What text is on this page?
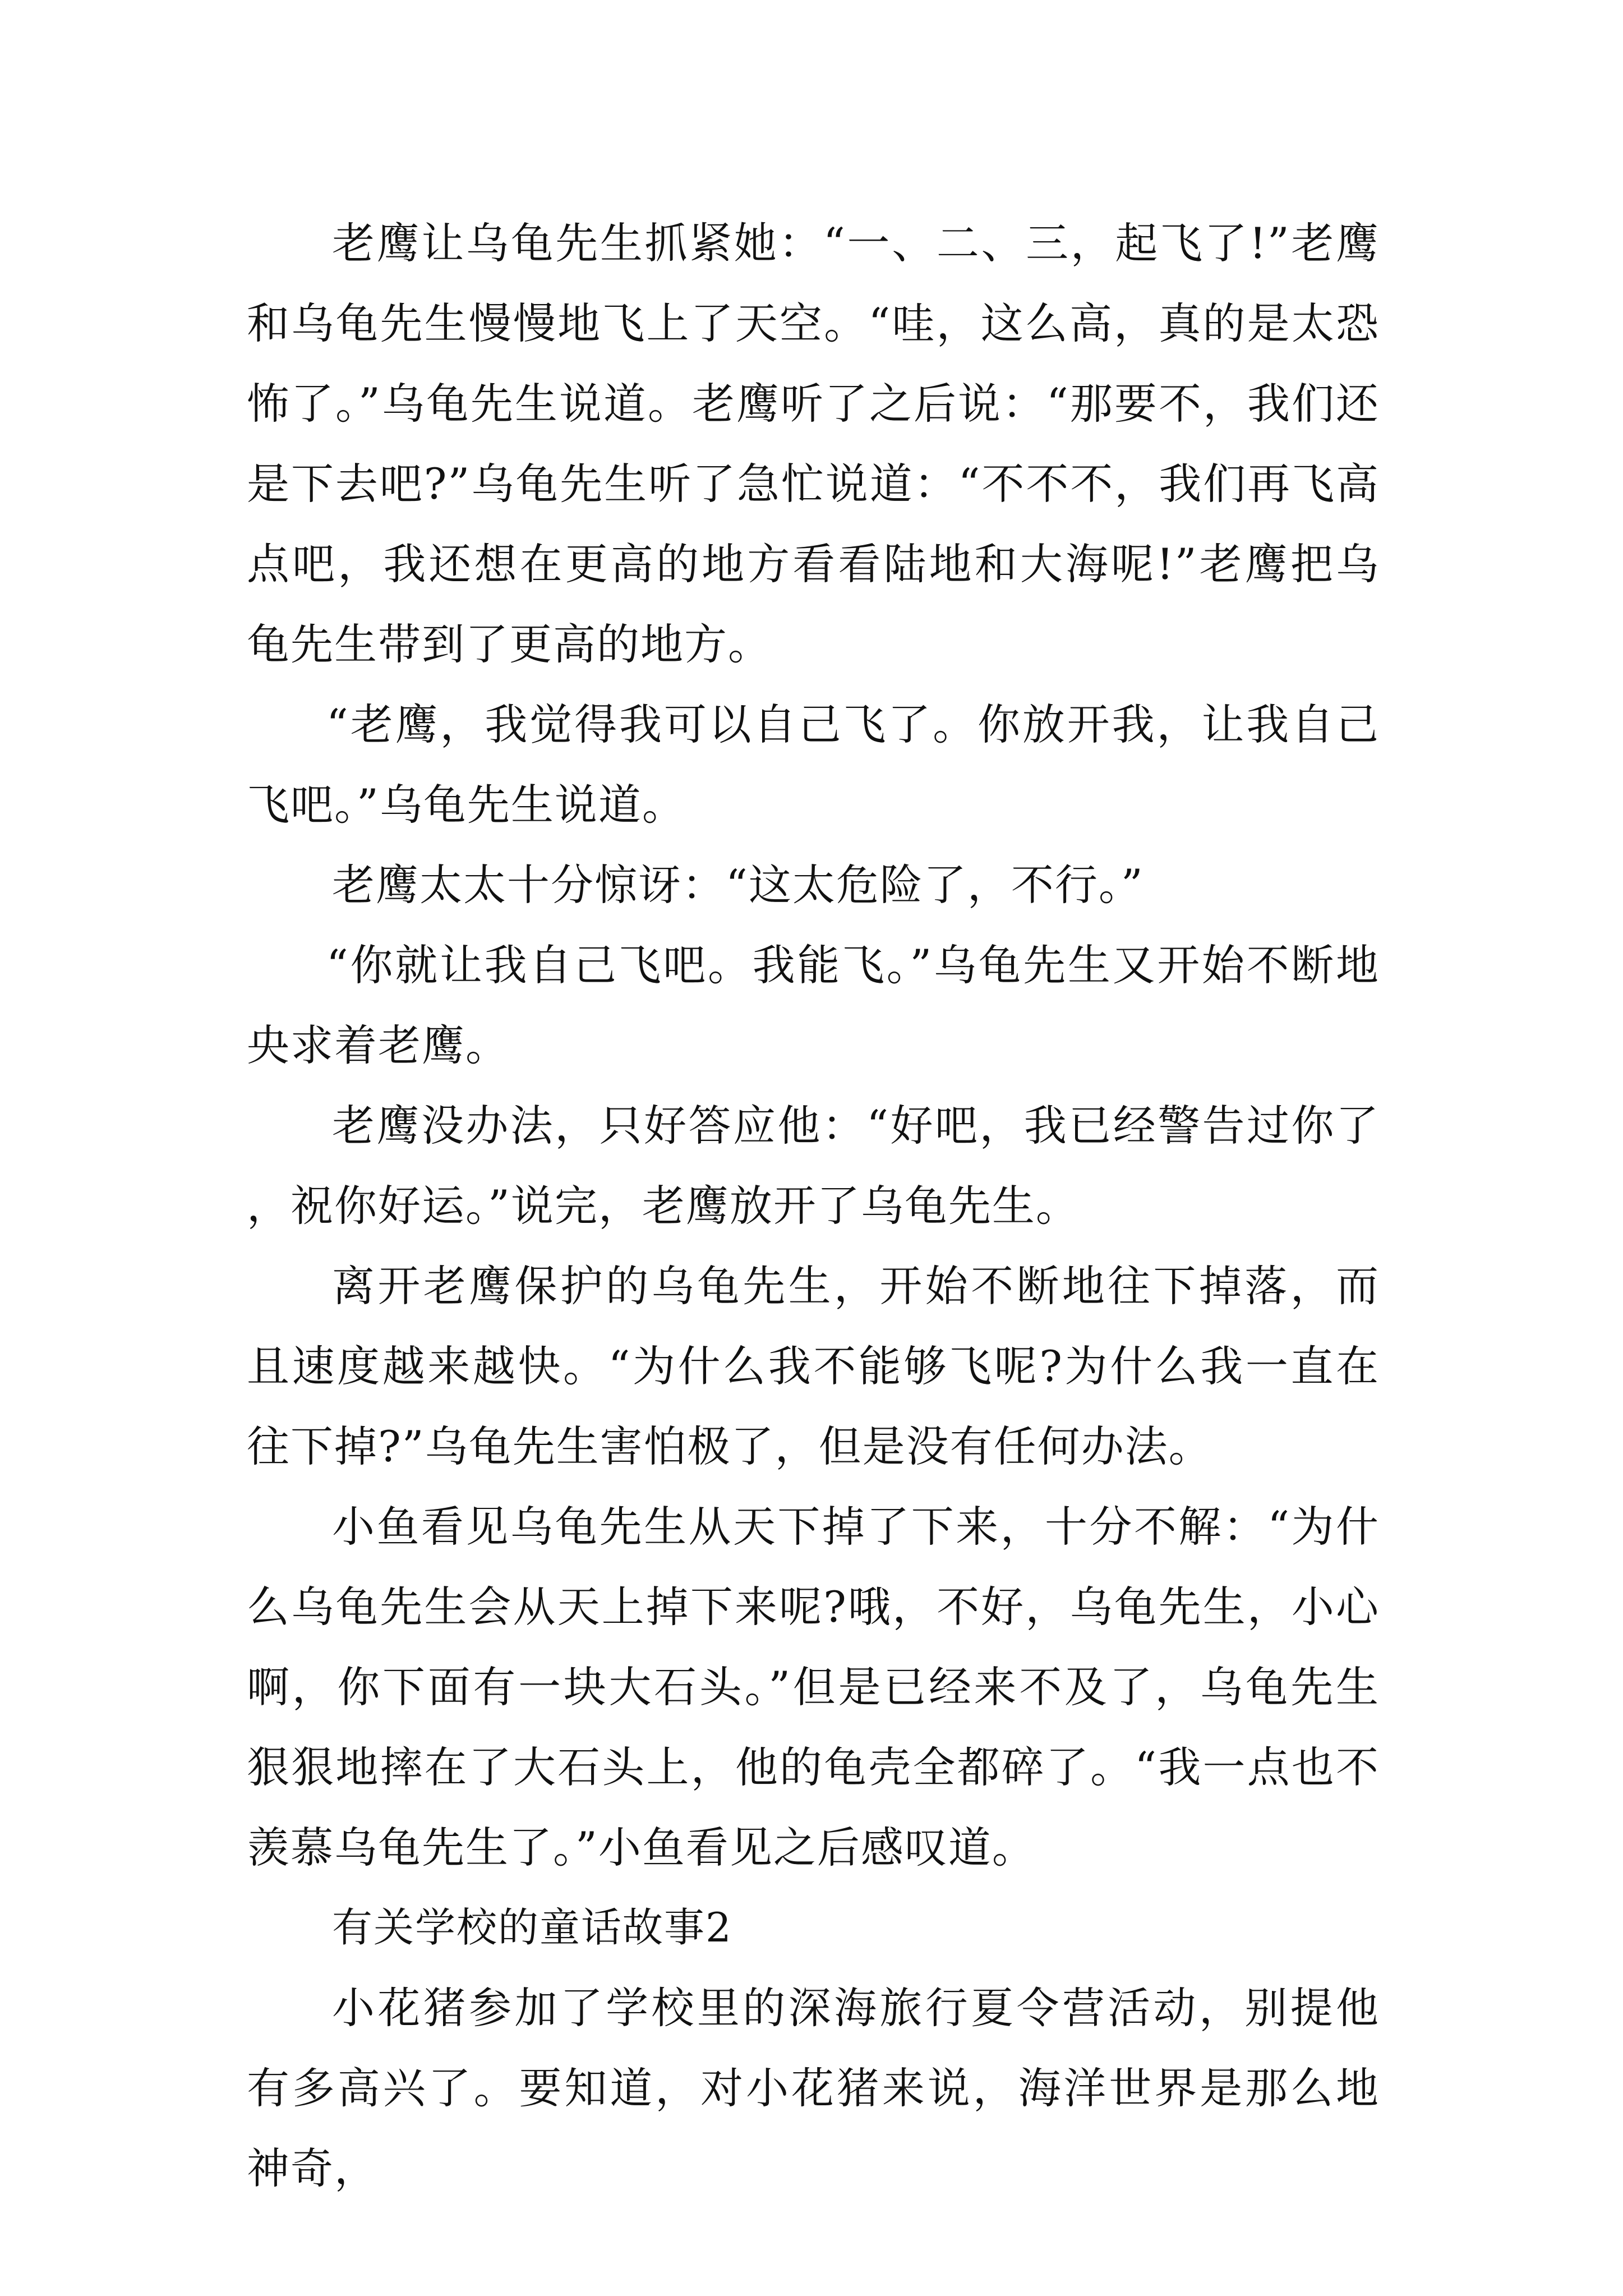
老鹰让乌龟先生抓紧她：“一、二、三，起飞了!”老鹰和乌龟先生慢慢地飞上了天空。“哇，这么高，真的是太恐怖了。”乌龟先生说道。老鹰听了之后说：“那要不，我们还是下去吧?”乌龟先生听了急忙说道：“不不不，我们再飞高点吧，我还想在更高的地方看看陆地和大海呢!”老鹰把乌龟先生带到了更高的地方。

“老鹰，我觉得我可以自己飞了。你放开我，让我自己飞吧。”乌龟先生说道。

老鹰太太十分惊讶：“这太危险了，不行。”

“你就让我自己飞吧。我能飞。”乌龟先生又开始不断地央求着老鹰。

老鹰没办法，只好答应他：“好吧，我已经警告过你了，祝你好运。”说完，老鹰放开了乌龟先生。

离开老鹰保护的乌龟先生，开始不断地往下掉落，而且速度越来越快。“为什么我不能够飞呢?为什么我一直在往下掉?”乌龟先生害怕极了，但是没有任何办法。

小鱼看见乌龟先生从天下掉了下来，十分不解：“为什么乌龟先生会从天上掉下来呢?哦，不好，乌龟先生，小心啊，你下面有一块大石头。”但是已经来不及了，乌龟先生狠狠地摔在了大石头上，他的龟壳全都碎了。“我一点也不羡慕乌龟先生了。”小鱼看见之后感叹道。

有关学校的童话故事2

小花猪参加了学校里的深海旅行夏令营活动，别提他有多高兴了。要知道，对小花猪来说，海洋世界是那么地神奇，
